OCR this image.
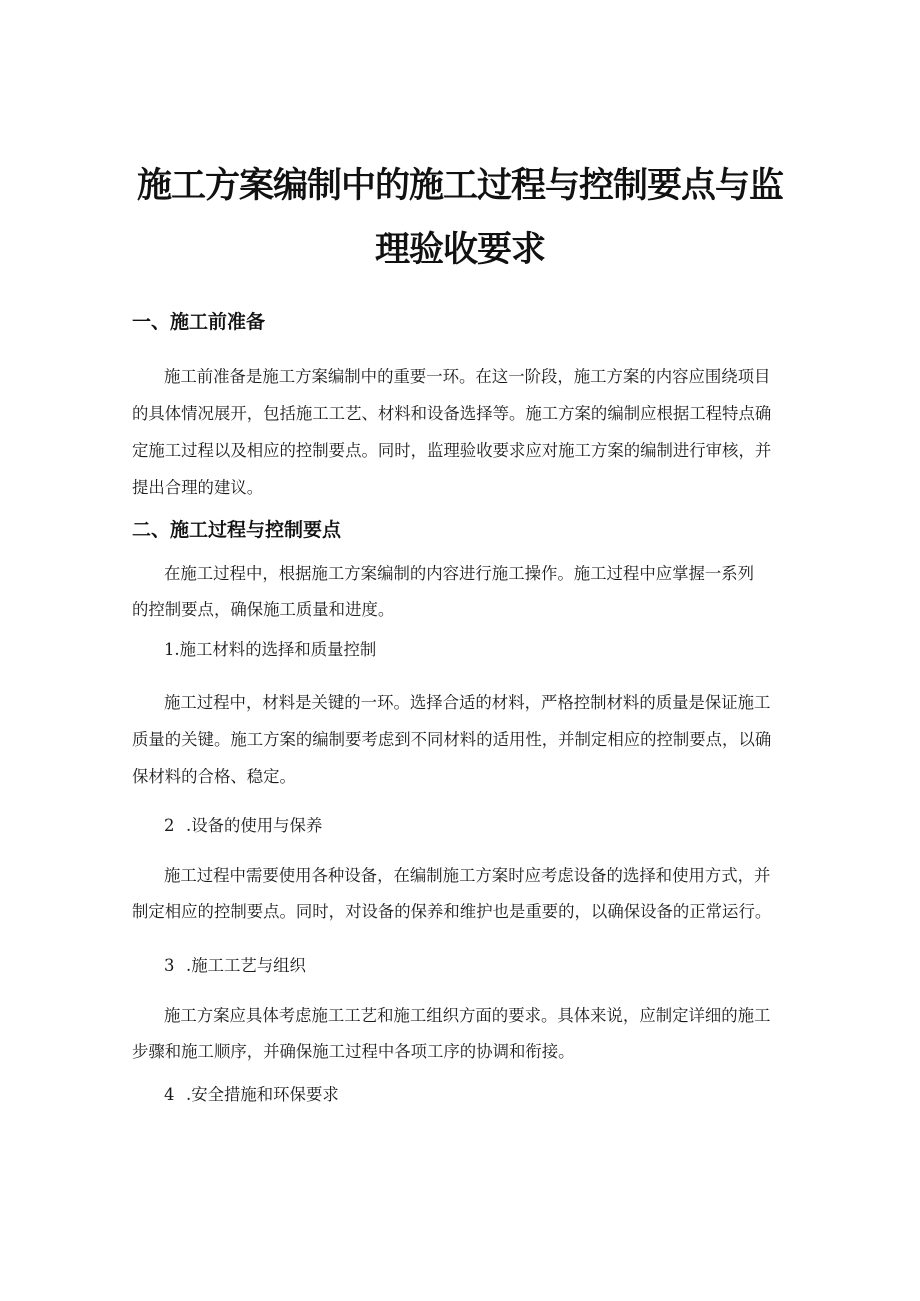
施工方案编制中的施工过程与控制要点与监
理验收要求
一、施工前准备
施工前准备是施工方案编制中的重要一环。在这一阶段，施工方案的内容应围绕项目
的具体情况展开，包括施工工艺、材料和设备选择等。施工方案的编制应根据工程特点确
定施工过程以及相应的控制要点。同时，监理验收要求应对施工方案的编制进行审核，并
提出合理的建议。
二、施工过程与控制要点
在施工过程中，根据施工方案编制的内容进行施工操作。施工过程中应掌握一系列
的控制要点，确保施工质量和进度。

1.施工材料的选择和质量控制

施工过程中，材料是关键的一环。选择合适的材料，严格控制材料的质量是保证施工
质量的关键。施工方案的编制要考虑到不同材料的适用性，并制定相应的控制要点，以确
保材料的合格、稳定。

2 .设备的使用与保养

施工过程中需要使用各种设备，在编制施工方案时应考虑设备的选择和使用方式，并
制定相应的控制要点。同时，对设备的保养和维护也是重要的，以确保设备的正常运行。

3 .施工工艺与组织

施工方案应具体考虑施工工艺和施工组织方面的要求。具体来说，应制定详细的施工
步骤和施工顺序，并确保施工过程中各项工序的协调和衔接。

4 .安全措施和环保要求
